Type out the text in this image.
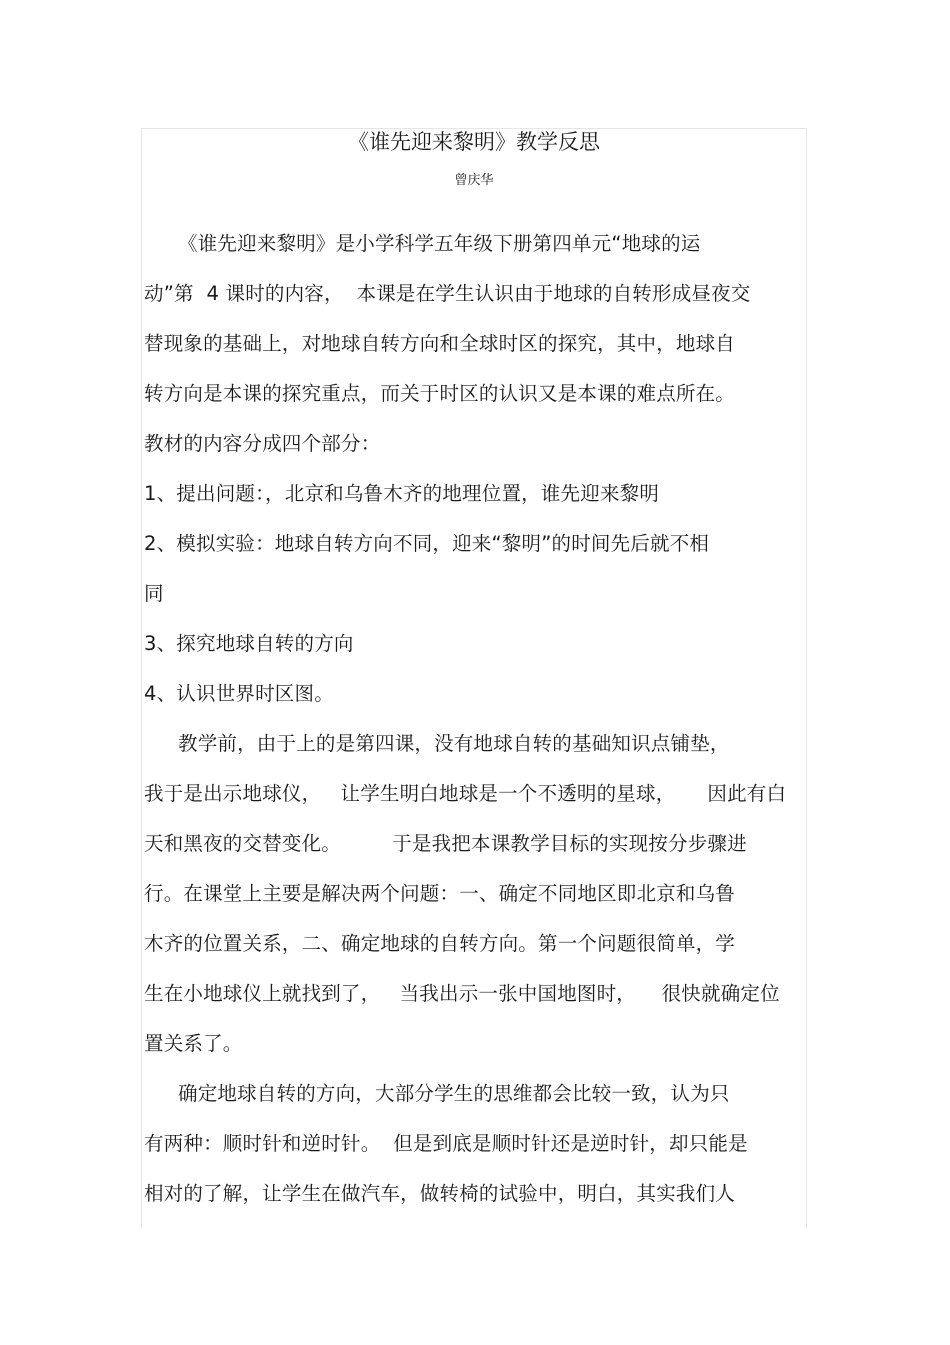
《谁先迎来黎明》教学反思
曾庆华
《谁先迎来黎明》是小学科学五年级下册第四单元“地球的运
动”第  4 课时的内容，  本课是在学生认识由于地球的自转形成昼夜交
替现象的基础上，对地球自转方向和全球时区的探究，其中，地球自
转方向是本课的探究重点，而关于时区的认识又是本课的难点所在。
教材的内容分成四个部分：
1、提出问题：，北京和乌鲁木齐的地理位置，谁先迎来黎明
2、模拟实验：地球自转方向不同，迎来“黎明”的时间先后就不相
同
3、探究地球自转的方向
4、认识世界时区图。
教学前，由于上的是第四课，没有地球自转的基础知识点铺垫，
我于是出示地球仪，   让学生明白地球是一个不透明的星球，     因此有白
天和黑夜的交替变化。        于是我把本课教学目标的实现按分步骤进
行。在课堂上主要是解决两个问题：一、确定不同地区即北京和乌鲁
木齐的位置关系，二、确定地球的自转方向。第一个问题很简单，学
生在小地球仪上就找到了，   当我出示一张中国地图时，    很快就确定位
置关系了。
确定地球自转的方向，大部分学生的思维都会比较一致，认为只
有两种：顺时针和逆时针。  但是到底是顺时针还是逆时针，却只能是
相对的了解，让学生在做汽车，做转椅的试验中，明白，其实我们人
